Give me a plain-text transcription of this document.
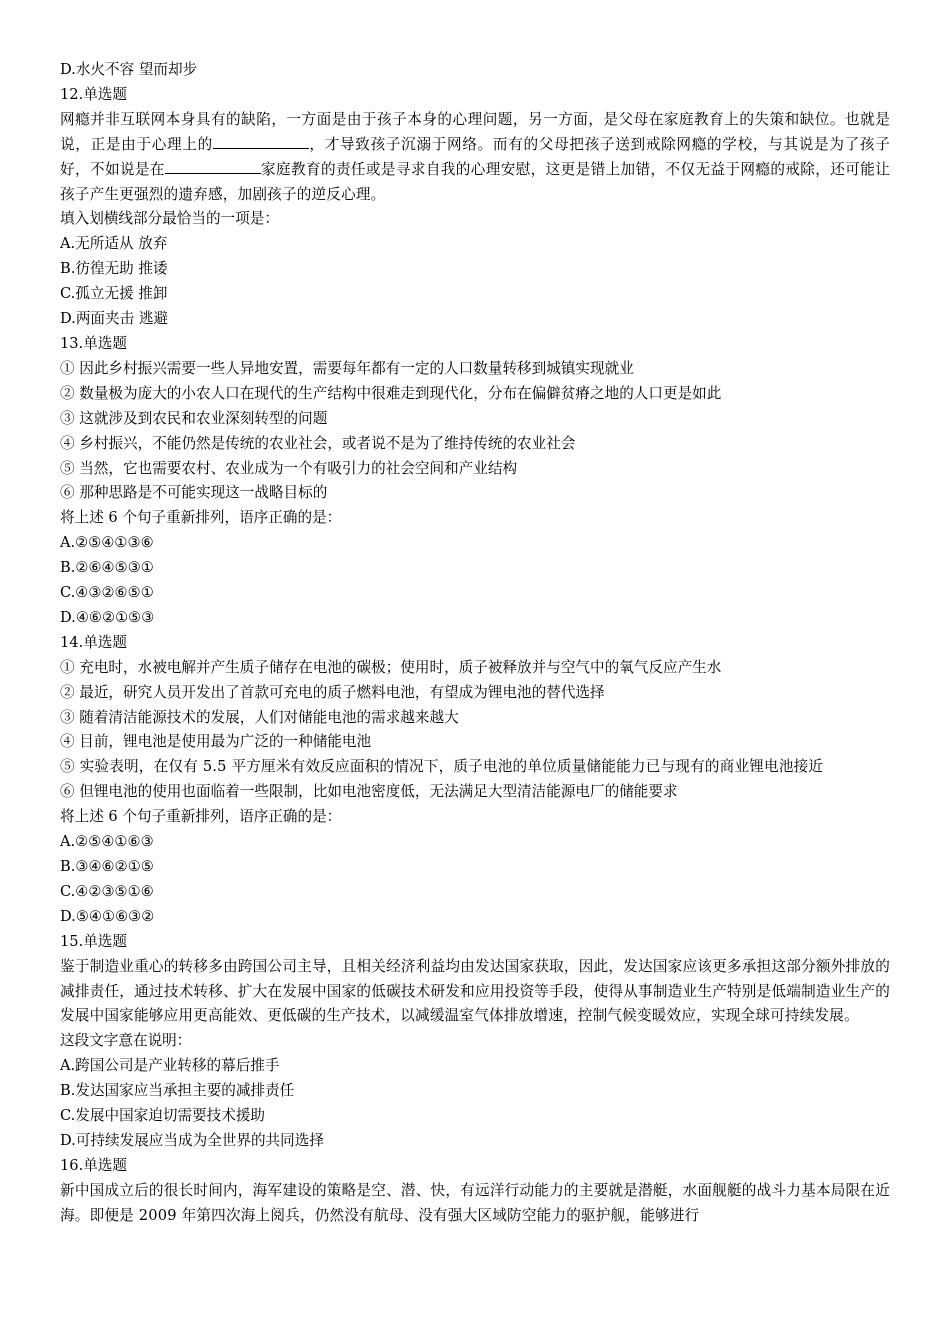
D.水火不容 望而却步

12.单选题

网瘾并非互联网本身具有的缺陷，一方面是由于孩子本身的心理问题，另一方面，是父母在家庭教育上的失策和缺位。也就是说，正是由于心理上的	，才导致孩子沉溺于网络。而有的父母把孩子送到戒除网瘾的学校，与其说是为了孩子好，不如说是在	家庭教育的责任或是寻求自我的心理安慰，这更是错上加错，不仅无益于网瘾的戒除，还可能让孩子产生更强烈的遗弃感，加剧孩子的逆反心理。

填入划横线部分最恰当的一项是：

A.无所适从 放弃

B.彷徨无助 推诿

C.孤立无援 推卸

D.两面夹击 逃避

13.单选题

① 因此乡村振兴需要一些人异地安置，需要每年都有一定的人口数量转移到城镇实现就业

② 数量极为庞大的小农人口在现代的生产结构中很难走到现代化，分布在偏僻贫瘠之地的人口更是如此

③ 这就涉及到农民和农业深刻转型的问题

④ 乡村振兴，不能仍然是传统的农业社会，或者说不是为了维持传统的农业社会

⑤ 当然，它也需要农村、农业成为一个有吸引力的社会空间和产业结构

⑥ 那种思路是不可能实现这一战略目标的

将上述 6 个句子重新排列，语序正确的是：

A.②⑤④①③⑥

B.②⑥④⑤③①

C.④③②⑥⑤①

D.④⑥②①⑤③

14.单选题

① 充电时，水被电解并产生质子储存在电池的碳极；使用时，质子被释放并与空气中的氧气反应产生水

② 最近，研究人员开发出了首款可充电的质子燃料电池，有望成为锂电池的替代选择

③ 随着清洁能源技术的发展，人们对储能电池的需求越来越大

④ 目前，锂电池是使用最为广泛的一种储能电池

⑤ 实验表明，在仅有 5.5 平方厘米有效反应面积的情况下，质子电池的单位质量储能能力已与现有的商业锂电池接近

⑥ 但锂电池的使用也面临着一些限制，比如电池密度低，无法满足大型清洁能源电厂的储能要求

将上述 6 个句子重新排列，语序正确的是：

A.②⑤④①⑥③

B.③④⑥②①⑤

C.④②③⑤①⑥

D.⑤④①⑥③②

15.单选题

鉴于制造业重心的转移多由跨国公司主导，且相关经济利益均由发达国家获取，因此，发达国家应该更多承担这部分额外排放的减排责任，通过技术转移、扩大在发展中国家的低碳技术研发和应用投资等手段，使得从事制造业生产特别是低端制造业生产的发展中国家能够应用更高能效、更低碳的生产技术，以减缓温室气体排放增速，控制气候变暖效应，实现全球可持续发展。

这段文字意在说明：

A.跨国公司是产业转移的幕后推手

B.发达国家应当承担主要的减排责任

C.发展中国家迫切需要技术援助

D.可持续发展应当成为全世界的共同选择

16.单选题

新中国成立后的很长时间内，海军建设的策略是空、潜、快，有远洋行动能力的主要就是潜艇，水面舰艇的战斗力基本局限在近海。即便是 2009 年第四次海上阅兵，仍然没有航母、没有强大区域防空能力的驱护舰，能够进行
